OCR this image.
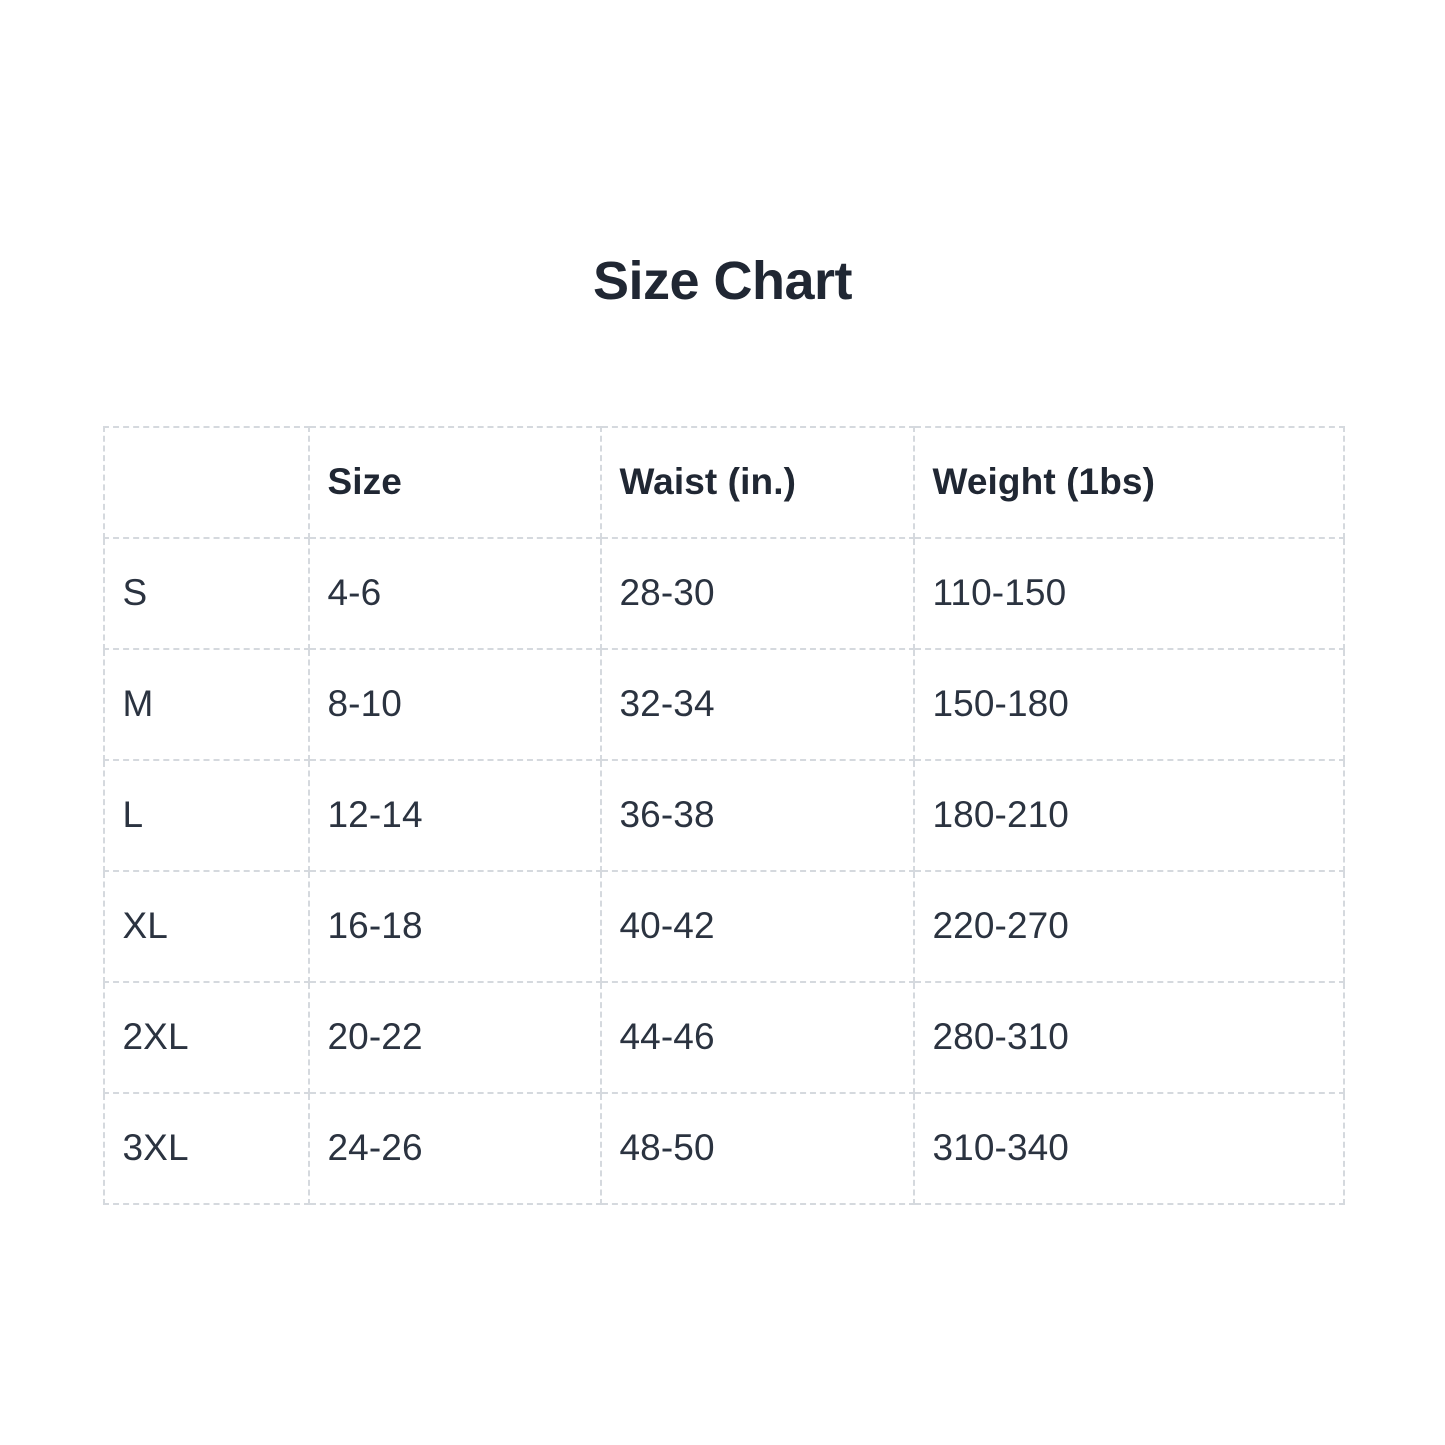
Size Chart
	Size	Waist (in.)	Weight (1bs)
S	4-6	28-30	110-150
M	8-10	32-34	150-180
L	12-14	36-38	180-210
XL	16-18	40-42	220-270
2XL	20-22	44-46	280-310
3XL	24-26	48-50	310-340
